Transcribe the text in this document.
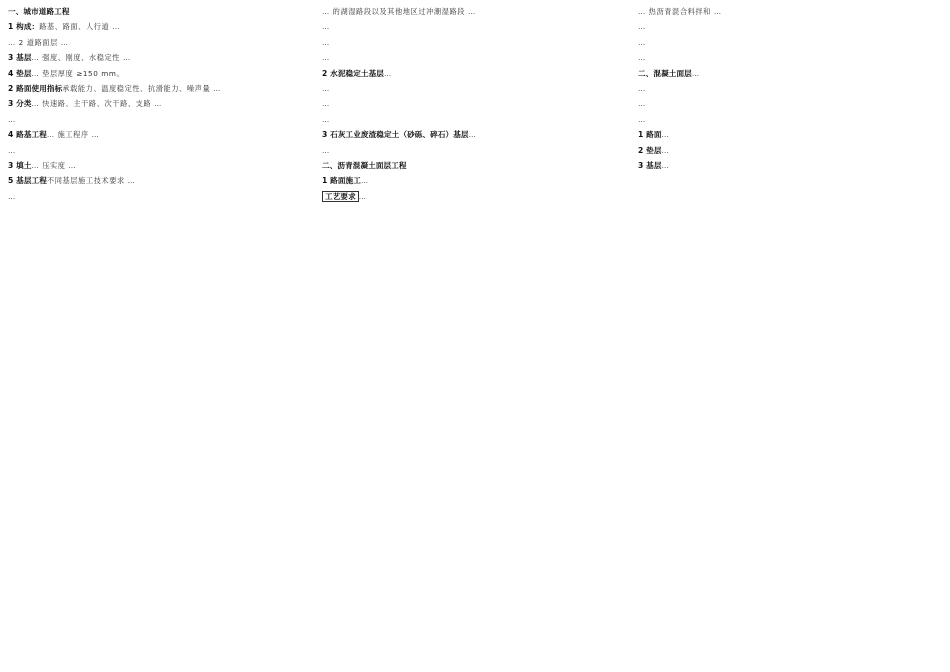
一、城市道路工程

1 构成：路基、路面、人行道 …

… 2 道路面层 …

3 基层… 强度、刚度、水稳定性 …

4 垫层… 垫层厚度 ≥150 mm。

2 路面使用指标承载能力、温度稳定性、抗滑能力、噪声量 …

3 分类… 快速路、主干路、次干路、支路 …

…

4 路基工程… 施工程序 …

…

3 填土… 压实度 …

5 基层工程不同基层施工技术要求 …

…

… 的湖湿路段以及其他地区过冲潮湿路段 …

…

…

…

2 水泥稳定土基层…

…

…

…

3 石灰工业废渣稳定土（砂砾、碎石）基层…

…

二、沥青混凝土面层工程

1 路面施工…

工艺要求 …

… 热沥青混合料拌和 …

…

…

…

二、混凝土面层…

…

…

…

1 路面…

2 垫层…

3 基层…
